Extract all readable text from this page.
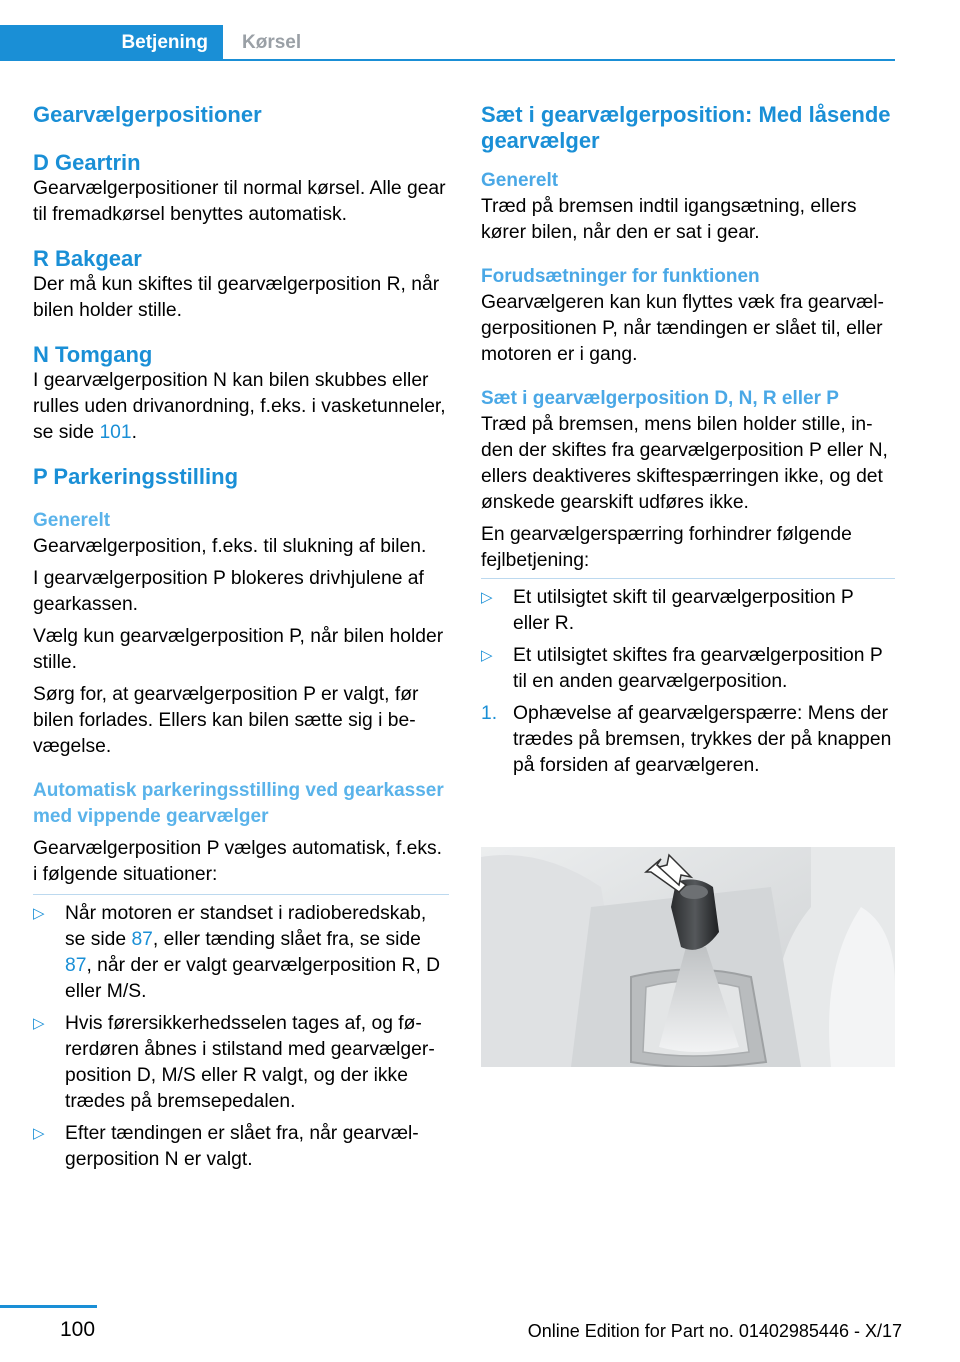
Betjening	Kørsel
Gearvælgerpositioner
D Geartrin

Gearvælgerpositioner til normal kørsel. Alle gear til fremadkørsel benyttes automatisk.

R Bakgear

Der må kun skiftes til gearvælgerposition R, når bilen holder stille.

N Tomgang

I gearvælgerposition N kan bilen skubbes eller rulles uden drivanordning, f.eks. i vasketunneler, se side 101.

P Parkeringsstilling
Generelt

Gearvælgerposition, f.eks. til slukning af bilen.

I gearvælgerposition P blokeres drivhjulene af gearkassen.

Vælg kun gearvælgerposition P, når bilen holder stille.

Sørg for, at gearvælgerposition P er valgt, før bilen forlades. Ellers kan bilen sætte sig i bevægelse.

Automatisk parkeringsstilling ved gearkasser med vippende gearvælger

Gearvælgerposition P vælges automatisk, f.eks. i følgende situationer:

▷ Når motoren er standset i radioberedskab, se side 87, eller tænding slået fra, se side 87, når der er valgt gearvælgerposition R, D eller M/S.
▷ Hvis førersikkerhedsselen tages af, og førerdøren åbnes i stilstand med gearvælgerposition D, M/S eller R valgt, og der ikke trædes på bremsepedalen.
▷ Efter tændingen er slået fra, når gearvælgerposition N er valgt.
Sæt i gearvælgerposition: Med låsende gearvælger
Generelt

Træd på bremsen indtil igangsætning, ellers kører bilen, når den er sat i gear.

Forudsætninger for funktionen

Gearvælgeren kan kun flyttes væk fra gearvælgerpositionen P, når tændingen er slået til, eller motoren er i gang.

Sæt i gearvælgerposition D, N, R eller P

Træd på bremsen, mens bilen holder stille, inden der skiftes fra gearvælgerposition P eller N, ellers deaktiveres skiftespærringen ikke, og det ønskede gearskift udføres ikke.

En gearvælgerspærring forhindrer følgende fejlbetjening:

▷ Et utilsigtet skift til gearvælgerposition P eller R.
▷ Et utilsigtet skiftes fra gearvælgerposition P til en anden gearvælgerposition.
1. Ophævelse af gearvælgerspærre: Mens der trædes på bremsen, trykkes der på knappen på forsiden af gearvælgeren.
100	Online Edition for Part no. 01402985446 - X/17
